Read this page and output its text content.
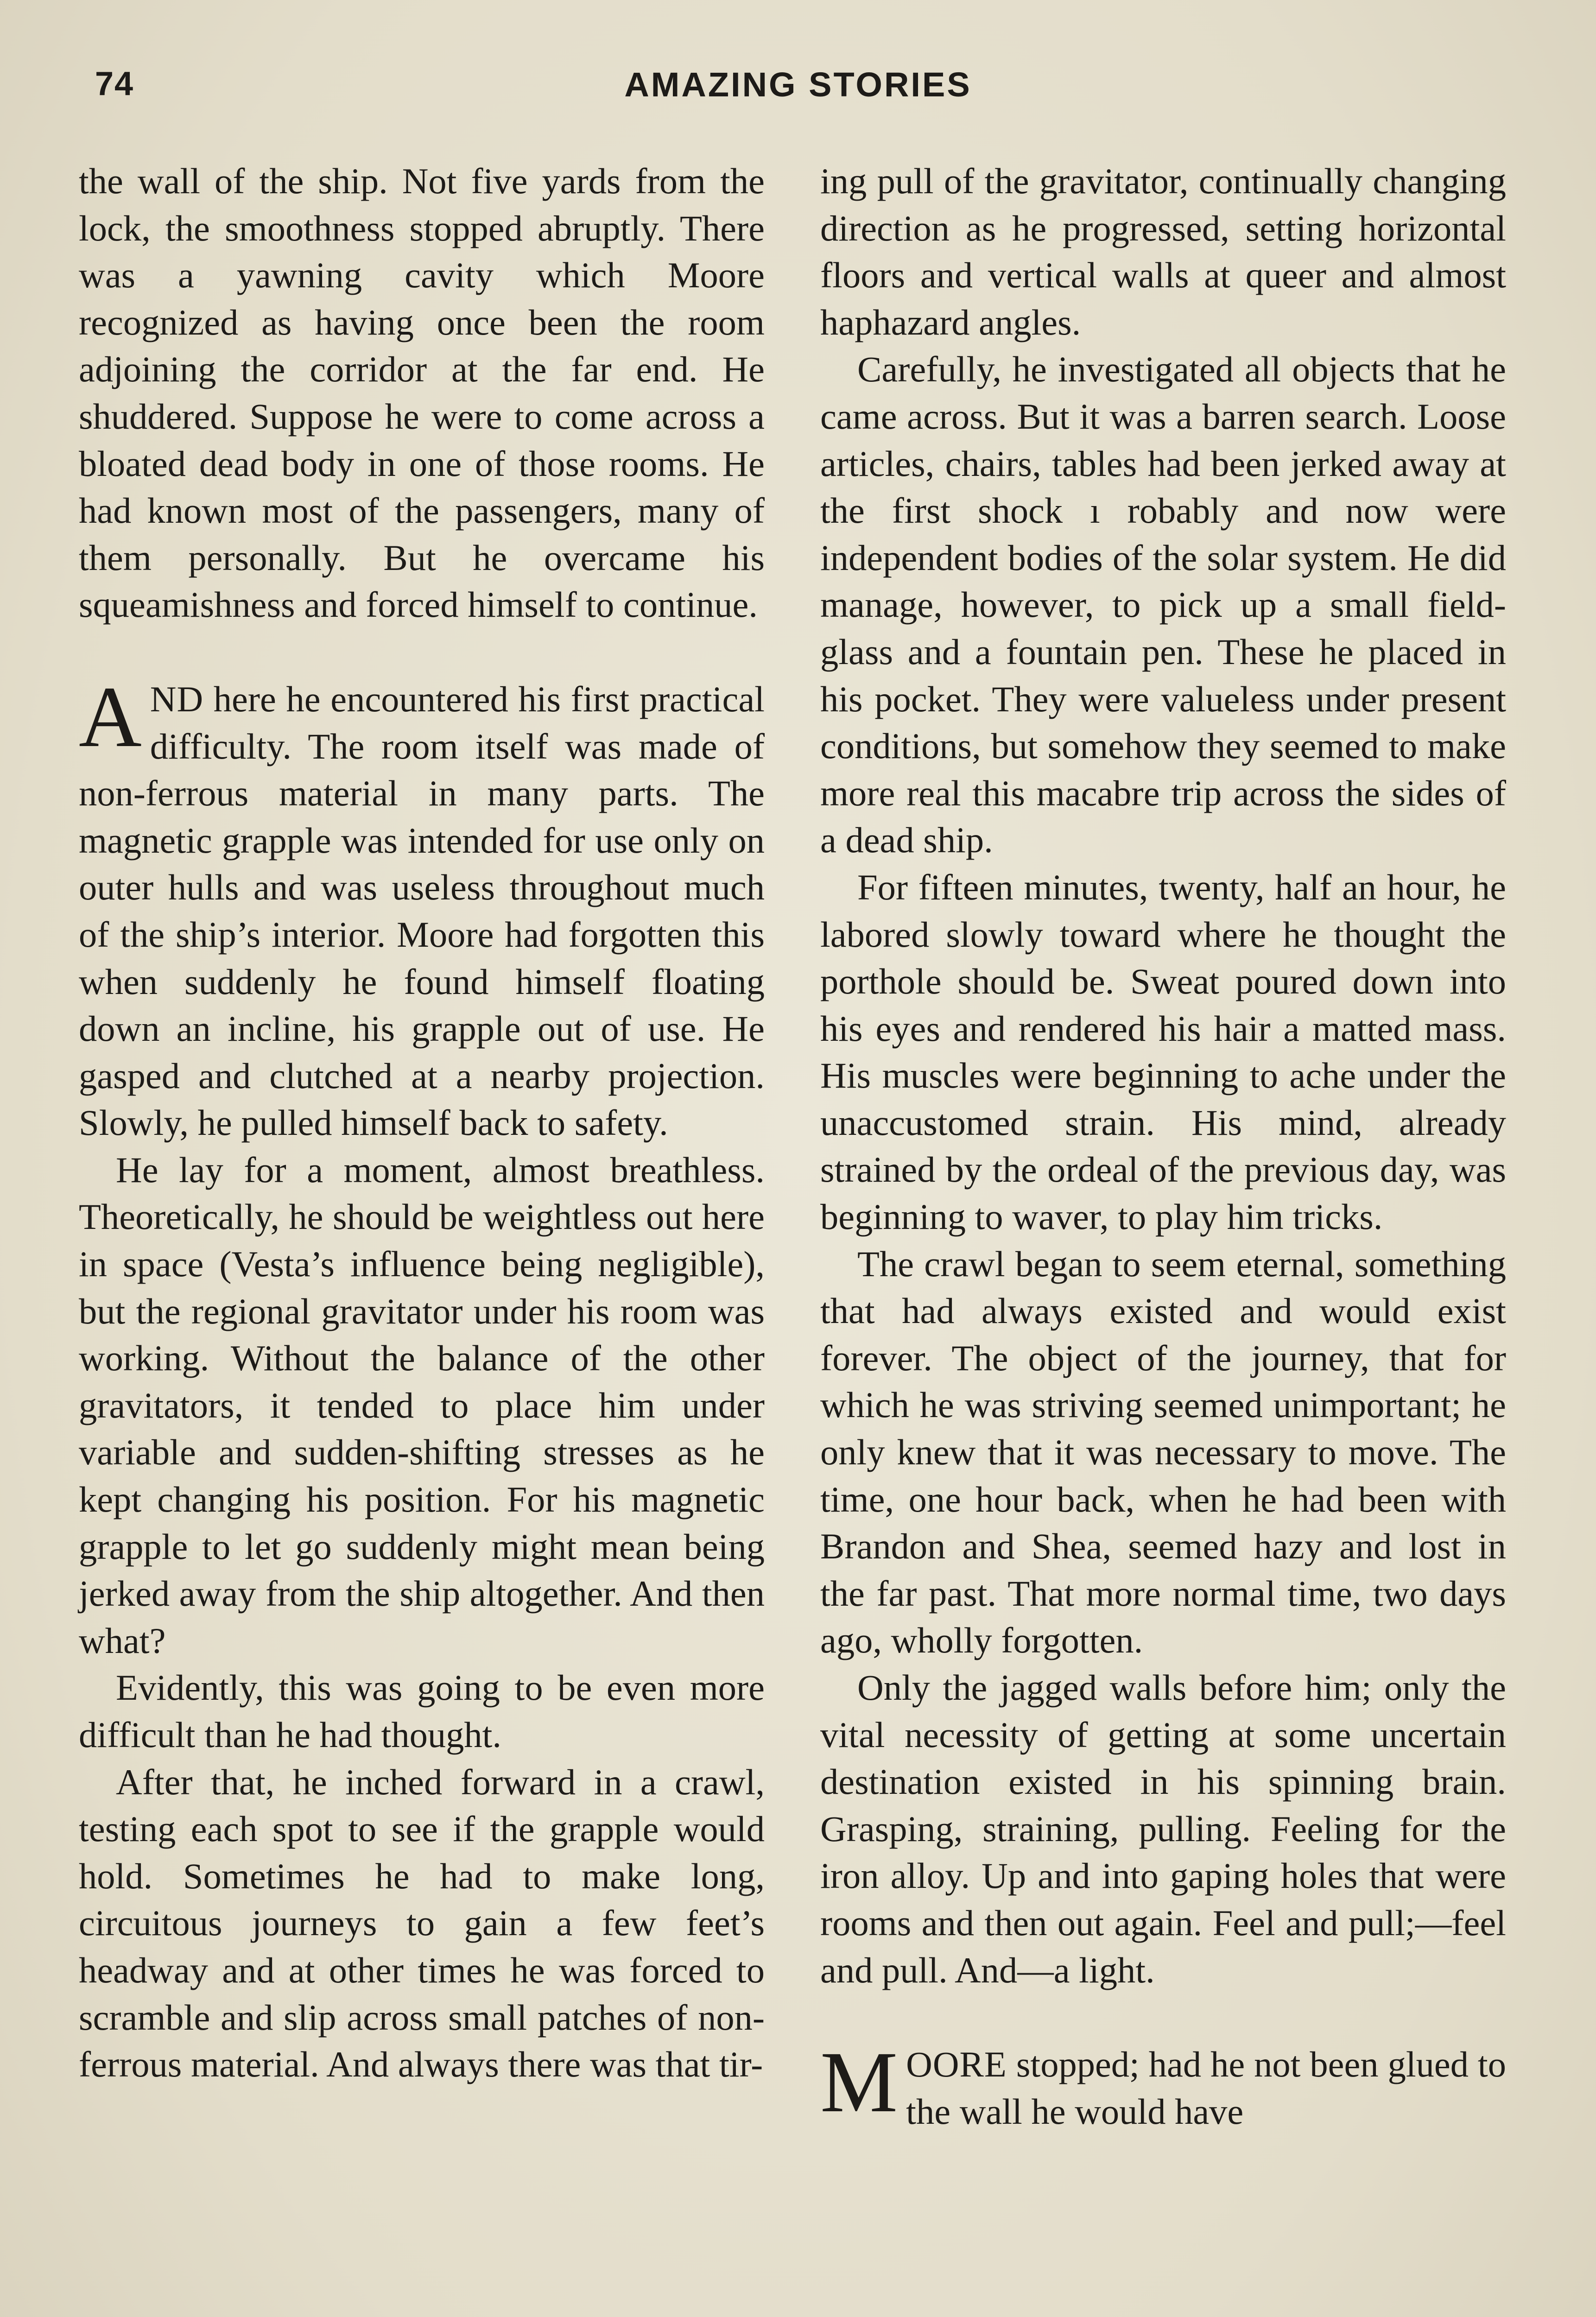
74	AMAZING STORIES

the wall of the ship. Not five yards from the lock, the smoothness stopped abruptly. There was a yawning cavity which Moore recognized as having once been the room adjoining the corridor at the far end. He shuddered. Suppose he were to come across a bloated dead body in one of those rooms. He had known most of the passengers, many of them personally. But he overcame his squeamishness and forced himself to continue.

AND here he encountered his first practical difficulty. The room itself was made of non-ferrous material in many parts. The magnetic grapple was intended for use only on outer hulls and was useless throughout much of the ship’s interior. Moore had forgotten this when suddenly he found himself floating down an incline, his grapple out of use. He gasped and clutched at a nearby projection. Slowly, he pulled himself back to safety.

He lay for a moment, almost breathless. Theoretically, he should be weightless out here in space (Vesta’s influence being negligible), but the regional gravitator under his room was working. Without the balance of the other gravitators, it tended to place him under variable and sudden-shifting stresses as he kept changing his position. For his magnetic grapple to let go suddenly might mean being jerked away from the ship altogether. And then what?

Evidently, this was going to be even more difficult than he had thought.

After that, he inched forward in a crawl, testing each spot to see if the grapple would hold. Sometimes he had to make long, circuitous journeys to gain a few feet’s headway and at other times he was forced to scramble and slip across small patches of non-ferrous material. And always there was that tir-

ing pull of the gravitator, continually changing direction as he progressed, setting horizontal floors and vertical walls at queer and almost haphazard angles.

Carefully, he investigated all objects that he came across. But it was a barren search. Loose articles, chairs, tables had been jerked away at the first shock ı robably and now were independent bodies of the solar system. He did manage, however, to pick up a small field-glass and a fountain pen. These he placed in his pocket. They were valueless under present conditions, but somehow they seemed to make more real this macabre trip across the sides of a dead ship.

For fifteen minutes, twenty, half an hour, he labored slowly toward where he thought the porthole should be. Sweat poured down into his eyes and rendered his hair a matted mass. His muscles were beginning to ache under the unaccustomed strain. His mind, already strained by the ordeal of the previous day, was beginning to waver, to play him tricks.

The crawl began to seem eternal, something that had always existed and would exist forever. The object of the journey, that for which he was striving seemed unimportant; he only knew that it was necessary to move. The time, one hour back, when he had been with Brandon and Shea, seemed hazy and lost in the far past. That more normal time, two days ago, wholly forgotten.

Only the jagged walls before him; only the vital necessity of getting at some uncertain destination existed in his spinning brain. Grasping, straining, pulling. Feeling for the iron alloy. Up and into gaping holes that were rooms and then out again. Feel and pull;—feel and pull. And—a light.

MOORE stopped; had he not been glued to the wall he would have
